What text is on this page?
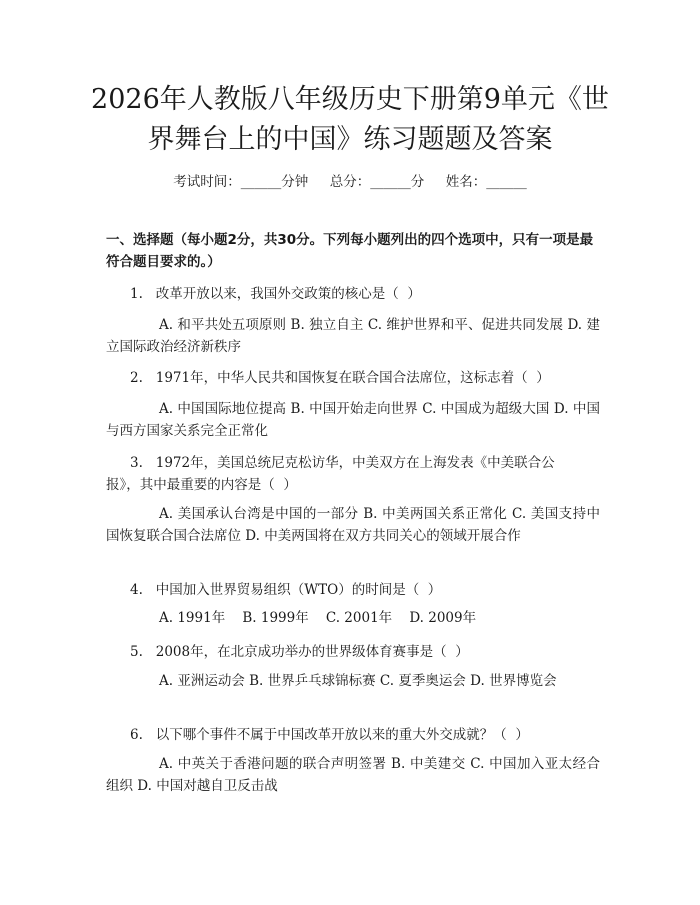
2026年人教版八年级历史下册第9单元《世
界舞台上的中国》练习题题及答案
考试时间：______分钟     总分：______分     姓名：______
一、选择题（每小题2分，共30分。下列每小题列出的四个选项中，只有一项是最符合题目要求的。）
1.   改革开放以来，我国外交政策的核心是（  ）

A. 和平共处五项原则 B. 独立自主 C. 维护世界和平、促进共同发展 D. 建立国际政治经济新秩序

2.   1971年，中华人民共和国恢复在联合国合法席位，这标志着（  ）

A. 中国国际地位提高 B. 中国开始走向世界 C. 中国成为超级大国 D. 中国与西方国家关系完全正常化

3.   1972年，美国总统尼克松访华，中美双方在上海发表《中美联合公
报》，其中最重要的内容是（  ）

A. 美国承认台湾是中国的一部分 B. 中美两国关系正常化 C. 美国支持中国恢复联合国合法席位 D. 中美两国将在双方共同关心的领域开展合作

4.   中国加入世界贸易组织（WTO）的时间是（  ）

A. 1991年    B. 1999年    C. 2001年    D. 2009年

5.   2008年，在北京成功举办的世界级体育赛事是（  ）

A. 亚洲运动会 B. 世界乒乓球锦标赛 C. 夏季奥运会 D. 世界博览会

6.   以下哪个事件不属于中国改革开放以来的重大外交成就？（  ）

A. 中英关于香港问题的联合声明签署 B. 中美建交 C. 中国加入亚太经合组织 D. 中国对越自卫反击战
